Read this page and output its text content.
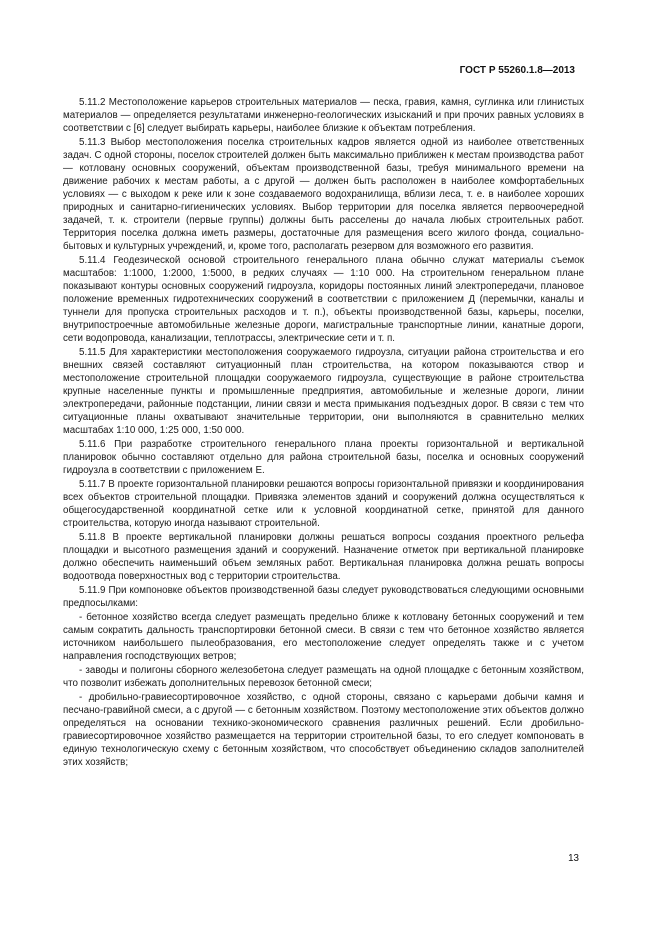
ГОСТ Р 55260.1.8—2013

5.11.2 Местоположение карьеров строительных материалов — песка, гравия, камня, суглинка или глинистых материалов — определяется результатами инженерно-геологических изысканий и при прочих равных условиях в соответствии с [6] следует выбирать карьеры, наиболее близкие к объектам потребления.

5.11.3 Выбор местоположения поселка строительных кадров является одной из наиболее ответственных задач. С одной стороны, поселок строителей должен быть максимально приближен к местам производства работ — котловану основных сооружений, объектам производственной базы, требуя минимального времени на движение рабочих к местам работы, а с другой — должен быть расположен в наиболее комфортабельных условиях — с выходом к реке или к зоне создаваемого водохранилища, вблизи леса, т. е. в наиболее хороших природных и санитарно-гигиенических условиях. Выбор территории для поселка является первоочередной задачей, т. к. строители (первые группы) должны быть расселены до начала любых строительных работ. Территория поселка должна иметь размеры, достаточные для размещения всего жилого фонда, социально-бытовых и культурных учреждений, и, кроме того, располагать резервом для возможного его развития.

5.11.4 Геодезической основой строительного генерального плана обычно служат материалы съемок масштабов: 1:1000, 1:2000, 1:5000, в редких случаях — 1:10 000. На строительном генеральном плане показывают контуры основных сооружений гидроузла, коридоры постоянных линий электропередачи, плановое положение временных гидротехнических сооружений в соответствии с приложением Д (перемычки, каналы и туннели для пропуска строительных расходов и т. п.), объекты производственной базы, карьеры, поселки, внутрипостроечные автомобильные железные дороги, магистральные транспортные линии, канатные дороги, сети водопровода, канализации, теплотрассы, электрические сети и т. п.

5.11.5 Для характеристики местоположения сооружаемого гидроузла, ситуации района строительства и его внешних связей составляют ситуационный план строительства, на котором показываются створ и местоположение строительной площадки сооружаемого гидроузла, существующие в районе строительства крупные населенные пункты и промышленные предприятия, автомобильные и железные дороги, линии электропередачи, районные подстанции, линии связи и места примыкания подъездных дорог. В связи с тем что ситуационные планы охватывают значительные территории, они выполняются в сравнительно мелких масштабах 1:10 000, 1:25 000, 1:50 000.

5.11.6 При разработке строительного генерального плана проекты горизонтальной и вертикальной планировок обычно составляют отдельно для района строительной базы, поселка и основных сооружений гидроузла в соответствии с приложением Е.

5.11.7 В проекте горизонтальной планировки решаются вопросы горизонтальной привязки и координирования всех объектов строительной площадки. Привязка элементов зданий и сооружений должна осуществляться к общегосударственной координатной сетке или к условной координатной сетке, принятой для данного строительства, которую иногда называют строительной.

5.11.8 В проекте вертикальной планировки должны решаться вопросы создания проектного рельефа площадки и высотного размещения зданий и сооружений. Назначение отметок при вертикальной планировке должно обеспечить наименьший объем земляных работ. Вертикальная планировка должна решать вопросы водоотвода поверхностных вод с территории строительства.

5.11.9 При компоновке объектов производственной базы следует руководствоваться следующими основными предпосылками:

- бетонное хозяйство всегда следует размещать предельно ближе к котловану бетонных сооружений и тем самым сократить дальность транспортировки бетонной смеси. В связи с тем что бетонное хозяйство является источником наибольшего пылеобразования, его местоположение следует определять также и с учетом направления господствующих ветров;

- заводы и полигоны сборного железобетона следует размещать на одной площадке с бетонным хозяйством, что позволит избежать дополнительных перевозок бетонной смеси;

- дробильно-гравиесортировочное хозяйство, с одной стороны, связано с карьерами добычи камня и песчано-гравийной смеси, а с другой — с бетонным хозяйством. Поэтому местоположение этих объектов должно определяться на основании технико-экономического сравнения различных решений. Если дробильно-гравиесортировочное хозяйство размещается на территории строительной базы, то его следует компоновать в единую технологическую схему с бетонным хозяйством, что способствует объединению складов заполнителей этих хозяйств;

13
